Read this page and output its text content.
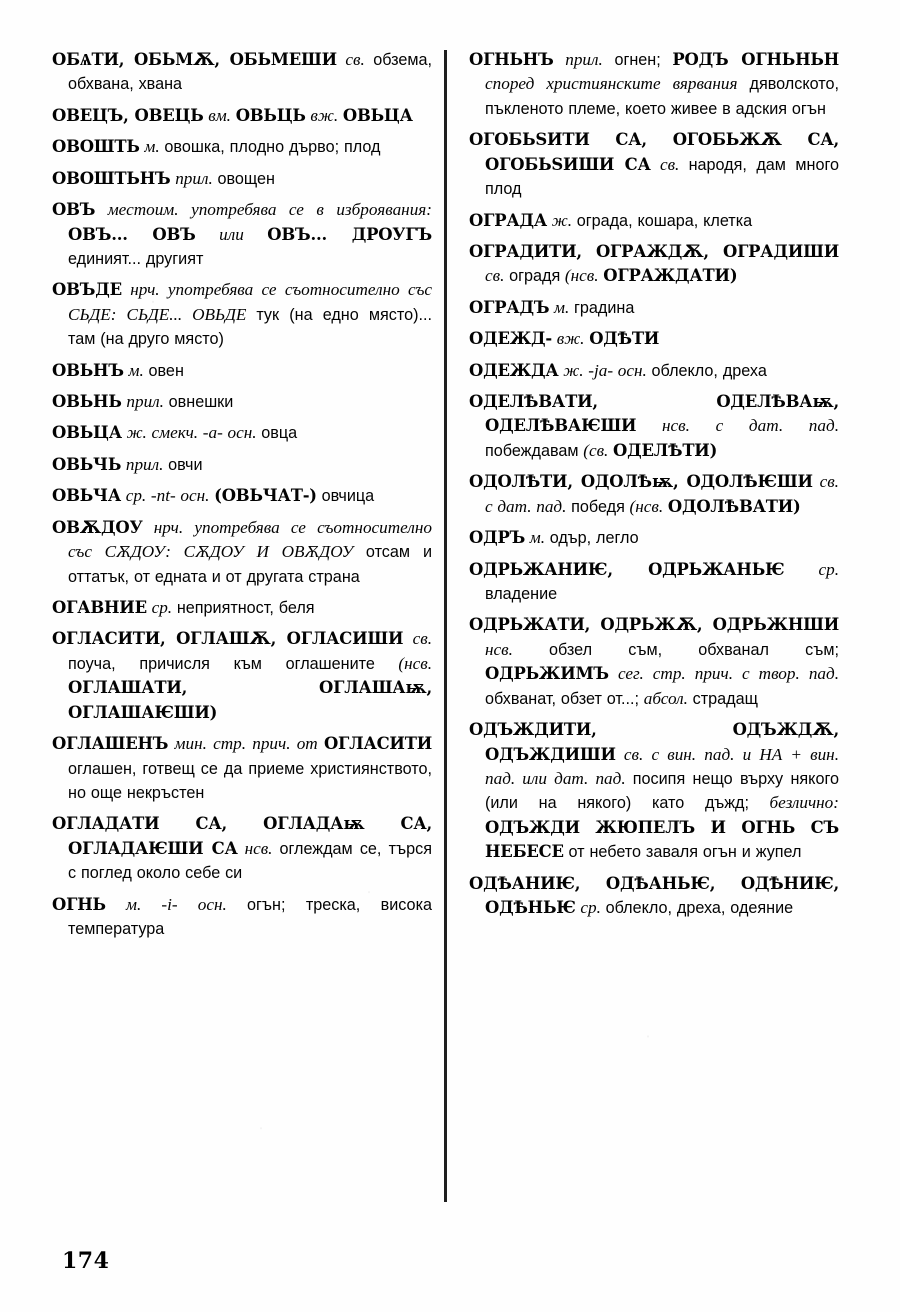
ОБѦТИ, ОБЬМѪ, ОБЬМЕШИ св. обзема, обхвана, хвана

ОВЕЦЪ, ОВЕЦЬ вм. ОВЬЦЬ вж. ОВЬЦА

ОВОШТЬ м. овошка, плодно дърво; плод

ОВОШТЬНЪ прил. овощен

ОВЪ местоим. употребява се в изброявания: ОВЪ... ОВЪ или ОВЪ... ДРОУГЪ единият... другият

ОВЪДЕ нрч. употребява се съотносително със СЬДЕ: СЬДЕ... ОВЬДЕ тук (на едно място)... там (на друго място)

ОВЬНЪ м. овен

ОВЬНЬ прил. овнешки

ОВЬЦА ж. смекч. -а- осн. овца

ОВЬЧЬ прил. овчи

ОВЬЧА ср. -nt- осн. (ОВЬЧАТ-) овчица

ОВѪДОУ нрч. употребява се съотносително със СѪДОУ: СѪДОУ И ОВѪДОУ отсам и оттатък, от едната и от другата страна

ОГАВНИЕ ср. неприятност, беля

ОГЛАСИТИ, ОГЛАШѪ, ОГЛАСИШИ св. поуча, причисля към оглашените (нсв. ОГЛАШАТИ, ОГЛАШАѭ, ОГЛАШАѤШИ)

ОГЛАШЕНЪ мин. стр. прич. от ОГЛАСИТИ оглашен, готвещ се да приеме християнството, но още некръстен

ОГЛАДАТИ СА, ОГЛАДАѭ СА, ОГЛАДАѤШИ СА нсв. оглеждам се, търся с поглед около себе си

ОГНЬ м. -i- осн. огън; треска, висока температура

ОГНЬНЪ прил. огнен; РОДЪ ОГНЬНЬН според християнските вярвания дяволското, пъкленото племе, което живее в адския огън

ОГОБЬЅИТИ СА, ОГОБЬЖѪ СА, ОГОБЬЅИШИ СА св. народя, дам много плод

ОГРАДА ж. ограда, кошара, клетка

ОГРАДИТИ, ОГРАЖДѪ, ОГРАДИШИ св. оградя (нсв. ОГРАЖДАТИ)

ОГРАДЪ м. градина

ОДЕЖД- вж. ОДѢТИ

ОДЕЖДА ж. -ja- осн. облекло, дреха

ОДЕЛѢВАТИ, ОДЕЛѢВАѭ, ОДЕЛѢВАѤШИ нсв. с дат. пад. побеждавам (св. ОДЕЛѢТИ)

ОДОЛѢТИ, ОДОЛѢѭ, ОДОЛѢѤШИ св. с дат. пад. победя (нсв. ОДОЛѢВАТИ)

ОДРЪ м. одър, легло

ОДРЬЖАНИѤ, ОДРЬЖАНЬѤ ср. владение

ОДРЬЖАТИ, ОДРЬЖѪ, ОДРЬЖНШИ нсв. обзел съм, обхванал съм; ОДРЬЖИМЪ сег. стр. прич. с твор. пад. обхванат, обзет от...; абсол. страдащ

ОДЪЖДИТИ, ОДЪЖДѪ, ОДЪЖДИШИ св. с вин. пад. и НА + вин. пад. или дат. пад. посипя нещо върху някого (или на някого) като дъжд; безлично: ОДЪЖДИ ЖЮПЕЛЪ И ОГНЬ СЪ НЕБЕСЕ от небето заваля огън и жупел

ОДѢАНИѤ, ОДѢАНЬѤ, ОДѢНИѤ, ОДѢНЬѤ ср. облекло, дреха, одеяние

174
